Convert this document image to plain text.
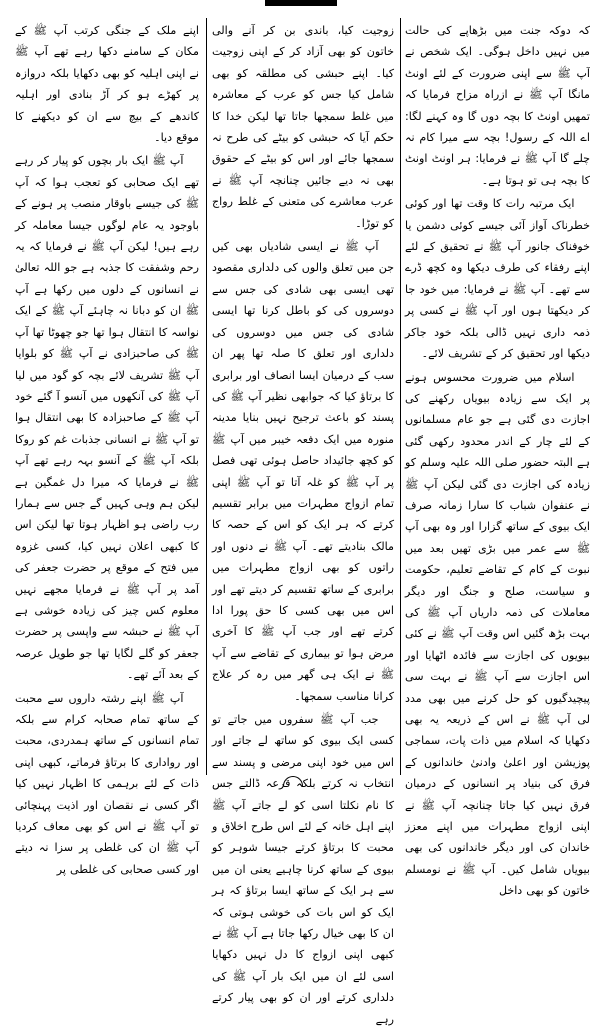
کہ دوکہ جنت میں بڑھاپے کی حالت میں نہیں داخل ہوگی۔ ایک شخص نے آپ ﷺ سے اپنی ضرورت کے لئے اونٹ مانگا آپ ﷺ نے ازراہ مزاح فرمایا کہ تمھیں اونٹ کا بچہ دوں گا وہ کہنے لگا: اے اللہ کے رسول! بچہ سے میرا کام نہ چلے گا آپ ﷺ نے فرمایا: ہر اونٹ اونٹ کا بچہ ہی تو ہوتا ہے۔

ایک مرتبہ رات کا وقت تھا اور کوئی خطرناک آواز آئی جیسے کوئی دشمن یا خوفناک جانور آپ ﷺ نے تحقیق کے لئے اپنے رفقاء کی طرف دیکھا وہ کچھ ڈرے سے تھے۔ آپ ﷺ نے فرمایا: میں خود جا کر دیکھتا ہوں اور آپ ﷺ نے کسی پر ذمہ داری نہیں ڈالی بلکہ خود جاکر دیکھا اور تحقیق کر کے تشریف لائے۔

اسلام میں ضرورت محسوس ہونے پر ایک سے زیادہ بیویاں رکھنے کی اجازت دی گئی ہے جو عام مسلمانوں کے لئے چار کے اندر محدود رکھی گئی ہے البتہ حضور صلی اللہ علیہ وسلم کو زیادہ کی اجازت دی گئی لیکن آپ ﷺ نے عنفوان شباب کا سارا زمانہ صرف ایک بیوی کے ساتھ گزارا اور وہ بھی آپ ﷺ سے عمر میں بڑی تھیں بعد میں نبوت کے کام کے تقاضے تعلیم، حکومت و سیاست، صلح و جنگ اور دیگر معاملات کی ذمہ داریاں آپ ﷺ کی بہت بڑھ گئیں اس وقت آپ ﷺ نے کئی بیویوں کی اجازت سے فائدہ اٹھایا اور اس اجازت سے آپ ﷺ نے بہت سی پیچیدگیوں کو حل کرنے میں بھی مدد لی آپ ﷺ نے اس کے ذریعہ یہ بھی دکھایا کہ اسلام میں ذات پات، سماجی پوزیشن اور اعلیٰ وادنیٰ خاندانوں کے فرق کی بنیاد پر انسانوں کے درمیان فرق نہیں کیا جاتا چنانچہ آپ ﷺ نے اپنی ازواج مطہرات میں اپنے معزز خاندان کی اور دیگر خاندانوں کی بھی بیویاں شامل کیں۔ آپ ﷺ نے نومسلم خاتون کو بھی داخل

زوجیت کیا، باندی بن کر آنے والی خاتون کو بھی آزاد کر کے اپنی زوجیت کیا۔ اپنے حبشی کی مطلقہ کو بھی شامل کیا جس کو عرب کے معاشرہ میں غلط سمجھا جاتا تھا لیکن خدا کا حکم آیا کہ حبشی کو بیٹے کی طرح نہ سمجھا جائے اور اس کو بیٹے کے حقوق بھی نہ دیے جائیں چنانچہ آپ ﷺ نے عرب معاشرے کی متعنی کے غلط رواج کو توڑا۔

آپ ﷺ نے ایسی شادیاں بھی کیں جن میں تعلق والوں کی دلداری مقصود تھی ایسی بھی شادی کی جس سے دوسروں کی کو باطل کرنا تھا ایسی شادی کی جس میں دوسروں کی دلداری اور تعلق کا صلہ تھا پھر ان سب کے درمیان ایسا انصاف اور برابری کا برتاؤ کیا کہ جوابھی نظیر آپ ﷺ کی پسند کو باعث ترجیح نہیں بنایا مدینہ منورہ میں ایک دفعہ خیبر میں آپ ﷺ کو کچھ جائیداد حاصل ہوئی تھی فصل پر آپ ﷺ کو غلہ آتا تو آپ ﷺ اپنی تمام ازواج مطہرات میں برابر تقسیم کرتے کہ ہر ایک کو اس کے حصہ کا مالک بنادیتے تھے۔ آپ ﷺ نے دنوں اور راتوں کو بھی ازواج مطہرات میں برابری کے ساتھ تقسیم کر دیتے تھے اور اس میں بھی کسی کا حق پورا ادا کرتے تھے اور جب آپ ﷺ کا آخری مرض ہوا تو بیماری کے تقاضے سے آپ ﷺ نے ایک ہی گھر میں رہ کر علاج کرانا مناسب سمجھا۔

جب آپ ﷺ سفروں میں جاتے تو کسی ایک بیوی کو ساتھ لے جاتے اور اس میں خود اپنی مرضی و پسند سے انتخاب نہ کرتے بلکہ قرعہ ڈالتے جس کا نام نکلتا اسی کو لے جاتے آپ ﷺ اپنے اہل خانہ کے لئے اس طرح اخلاق و محبت کا برتاؤ کرتے جیسا شوہر کو بیوی کے ساتھ کرنا چاہیے یعنی ان میں سے ہر ایک کے ساتھ ایسا برتاؤ کہ ہر ایک کو اس بات کی خوشی ہوتی کہ ان کا بھی خیال رکھا جاتا ہے آپ ﷺ نے کبھی اپنی ازواج کا دل نہیں دکھایا اسی لئے ان میں ایک بار آپ ﷺ کی دلداری کرتے اور ان کو بھی پیار کرتے رہے

اپنے ملک کے جنگی کرتب آپ ﷺ کے مکان کے سامنے دکھا رہے تھے آپ ﷺ نے اپنی اہلیہ کو بھی دکھایا بلکہ دروازہ پر کھڑے ہو کر آڑ بنادی اور اہلیہ کاندھے کے بیچ سے ان کو دیکھنے کا موقع دیا۔

آپ ﷺ ایک بار بچوں کو پیار کر رہے تھے ایک صحابی کو تعجب ہوا کہ آپ ﷺ کی جیسے باوقار منصب پر ہونے کے باوجود یہ عام لوگوں جیسا معاملہ کر رہے ہیں! لیکن آپ ﷺ نے فرمایا کہ یہ رحم وشفقت کا جذبہ ہے جو اللہ تعالیٰ نے انسانوں کے دلوں میں رکھا ہے آپ ﷺ ان کو دبانا نہ چاہئے آپ ﷺ کے ایک نواسہ کا انتقال ہوا تھا جو چھوٹا تھا آپ ﷺ کی صاحبزادی نے آپ ﷺ کو بلوایا آپ ﷺ تشریف لائے بچہ کو گود میں لیا آپ ﷺ کی آنکھوں میں آنسو آ گئے خود آپ ﷺ کے صاحبزادہ کا بھی انتقال ہوا تو آپ ﷺ نے انسانی جذبات غم کو روکا بلکہ آپ ﷺ کے آنسو بہہ رہے تھے آپ ﷺ نے فرمایا کہ میرا دل غمگین ہے لیکن ہم وہی کہیں گے جس سے ہمارا رب راضی ہو اظہار ہوتا تھا لیکن اس کا کبھی اعلان نہیں کیا، کسی غزوہ میں فتح کے موقع پر حضرت جعفر کی آمد پر آپ ﷺ نے فرمایا مجھے نہیں معلوم کس چیز کی زیادہ خوشی ہے آپ ﷺ نے حبشہ سے واپسی پر حضرت جعفر کو گلے لگایا تھا جو طویل عرصہ کے بعد آئے تھے۔

آپ ﷺ اپنے رشتہ داروں سے محبت کے ساتھ تمام صحابہ کرام سے بلکہ تمام انسانوں کے ساتھ ہمدردی، محبت اور رواداری کا برتاؤ فرماتے، کبھی اپنی ذات کے لئے برہمی کا اظہار نہیں کیا اگر کسی نے نقصان اور اذیت پہنچائی تو آپ ﷺ نے اس کو بھی معاف کردیا آپ ﷺ ان کی غلطی پر سزا نہ دیتے اور کسی صحابی کی غلطی پر
